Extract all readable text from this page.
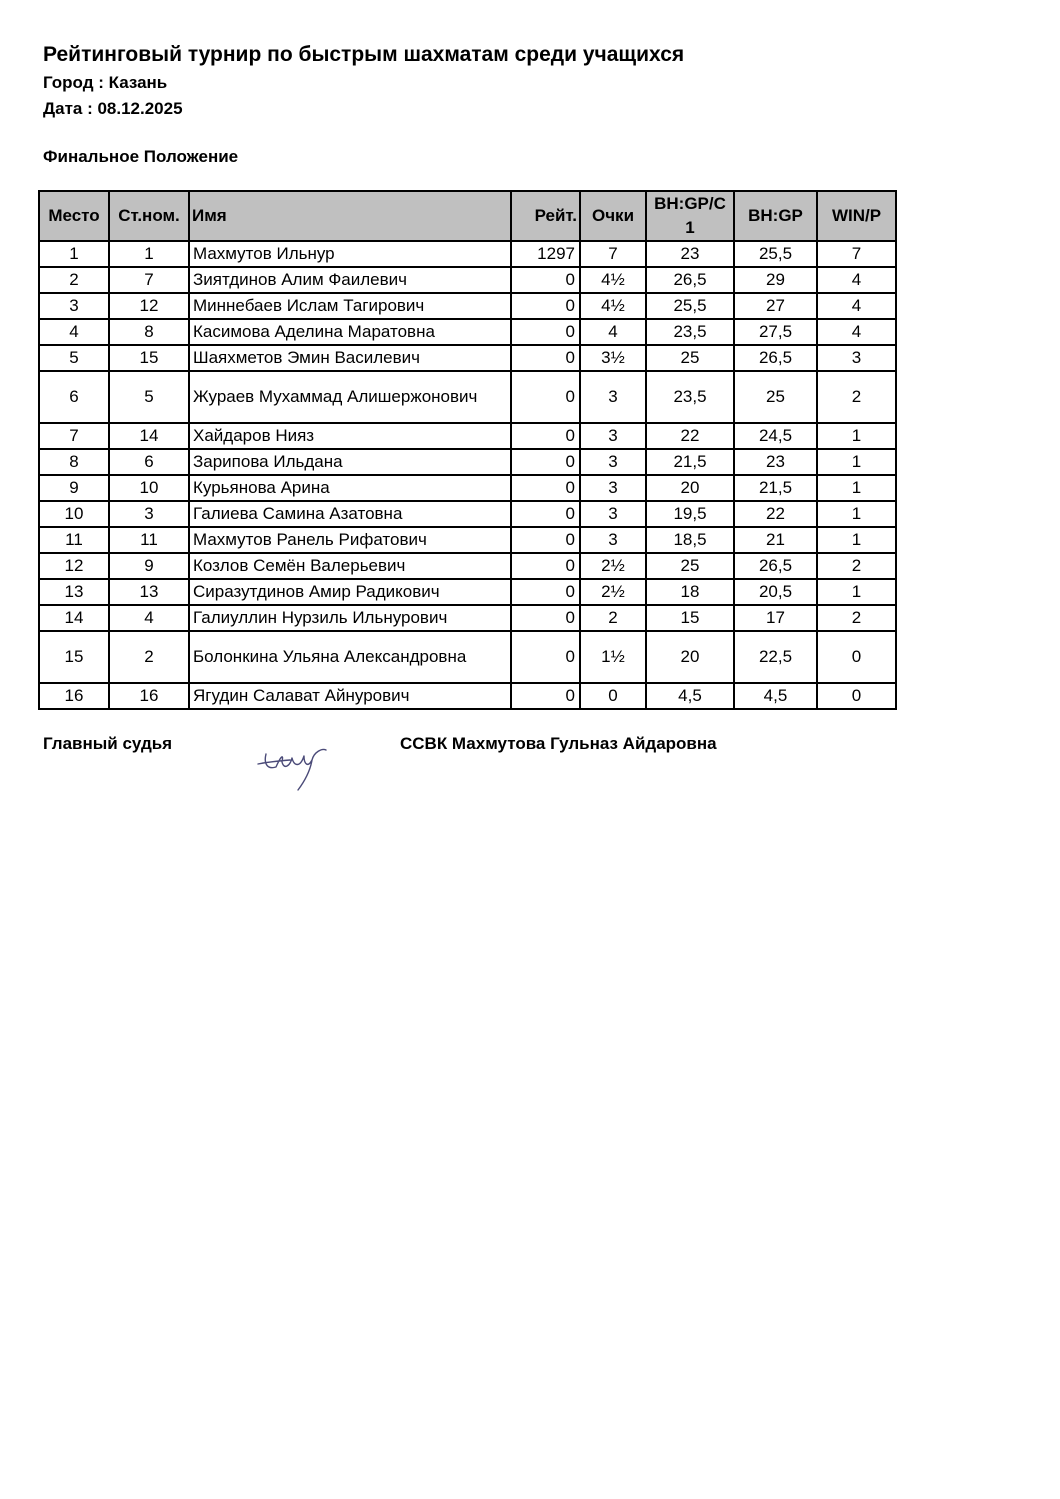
Рейтинговый турнир по быстрым шахматам среди учащихся
Город : Казань
Дата : 08.12.2025
Финальное Положение
Место	Ст.ном.	Имя	Рейт.	Очки	BH:GP/C 1	BH:GP	WIN/P
1	1	Махмутов Ильнур	1297	7	23	25,5	7
2	7	Зиятдинов Алим Фаилевич	0	4½	26,5	29	4
3	12	Миннебаев Ислам Тагирович	0	4½	25,5	27	4
4	8	Касимова Аделина Маратовна	0	4	23,5	27,5	4
5	15	Шаяхметов Эмин Василевич	0	3½	25	26,5	3
6	5	Жураев Мухаммад Алишержонович	0	3	23,5	25	2
7	14	Хайдаров Нияз	0	3	22	24,5	1
8	6	Зарипова Ильдана	0	3	21,5	23	1
9	10	Курьянова Арина	0	3	20	21,5	1
10	3	Галиева Самина Азатовна	0	3	19,5	22	1
11	11	Махмутов Ранель Рифатович	0	3	18,5	21	1
12	9	Козлов Семён Валерьевич	0	2½	25	26,5	2
13	13	Сиразутдинов Амир Радикович	0	2½	18	20,5	1
14	4	Галиуллин Нурзиль Ильнурович	0	2	15	17	2
15	2	Болонкина Ульяна Александровна	0	1½	20	22,5	0
16	16	Ягудин Салават Айнурович	0	0	4,5	4,5	0
Главный судья	ССВК Махмутова Гульназ Айдаровна
